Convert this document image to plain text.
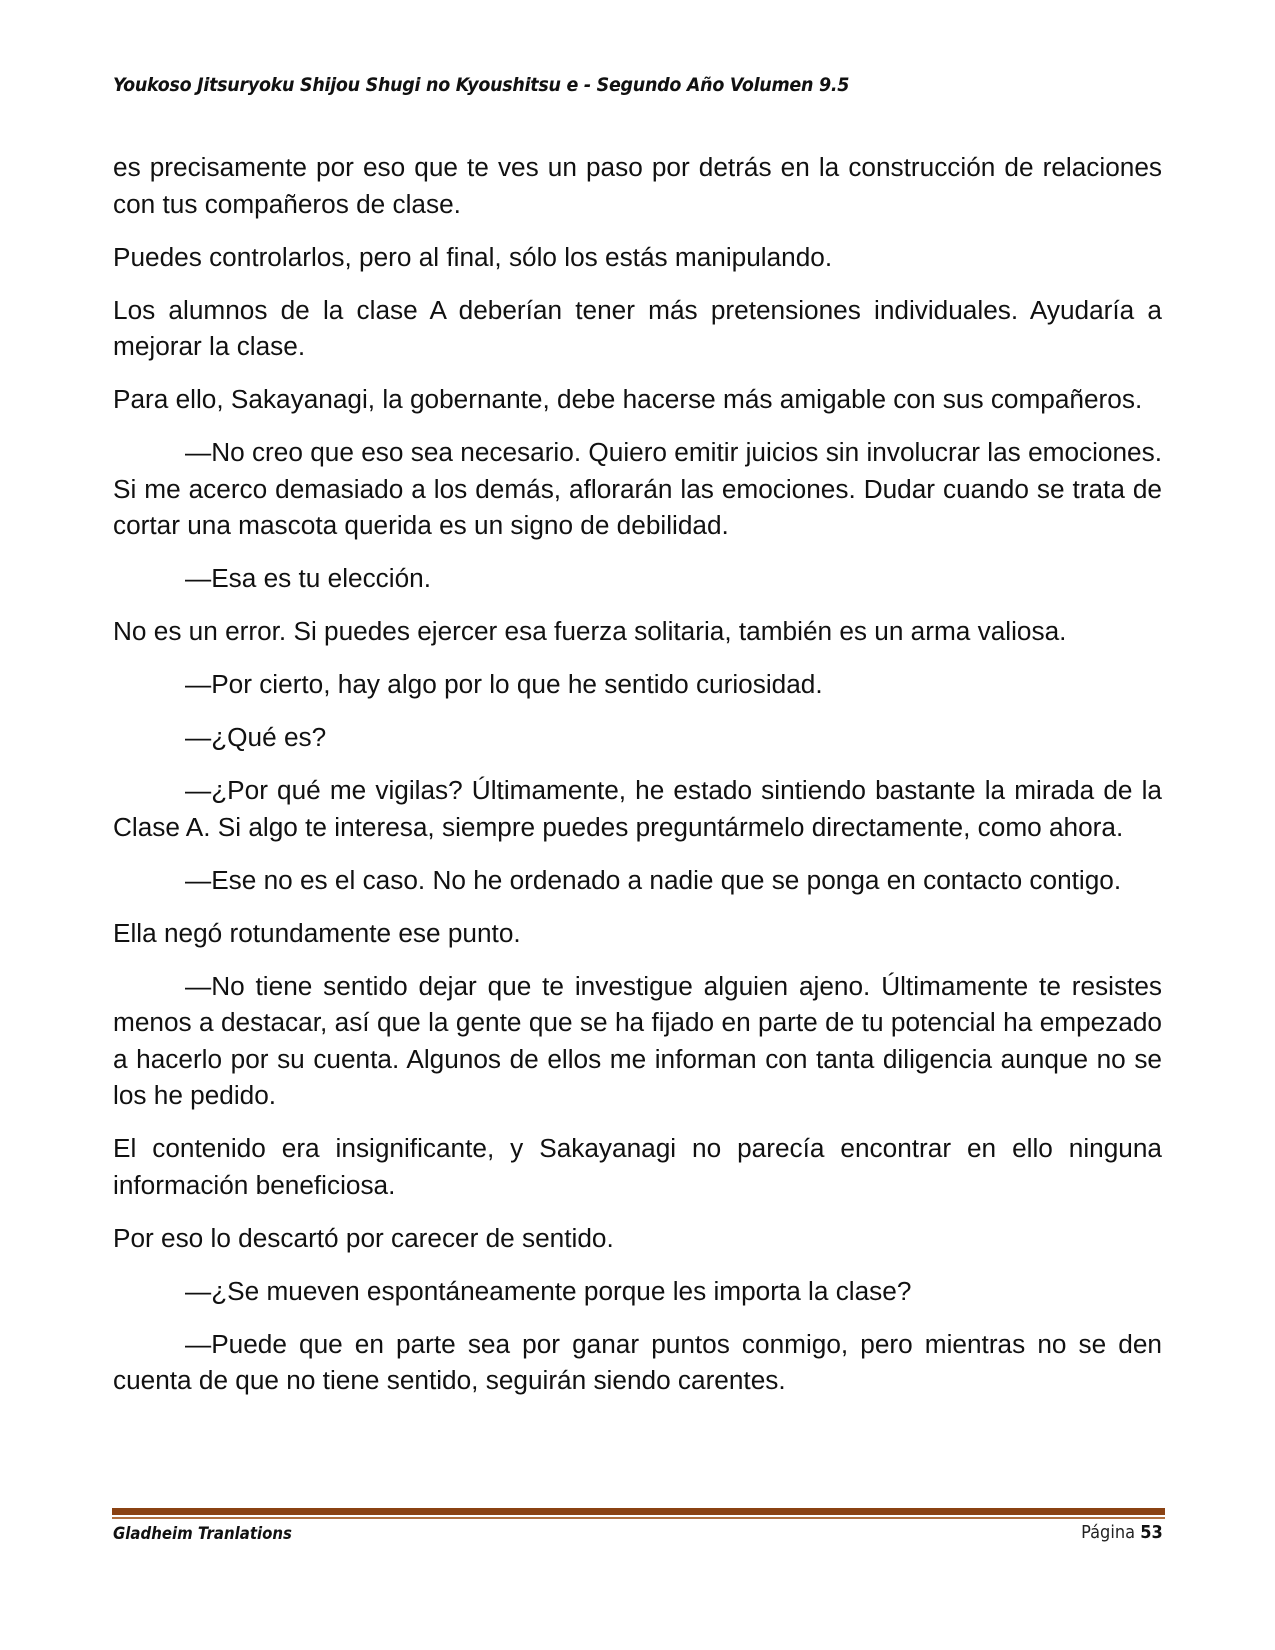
Youkoso Jitsuryoku Shijou Shugi no Kyoushitsu e - Segundo Año Volumen 9.5

es precisamente por eso que te ves un paso por detrás en la construcción de relaciones con tus compañeros de clase.

Puedes controlarlos, pero al final, sólo los estás manipulando.

Los alumnos de la clase A deberían tener más pretensiones individuales. Ayudaría a mejorar la clase.

Para ello, Sakayanagi, la gobernante, debe hacerse más amigable con sus compañeros.

—No creo que eso sea necesario. Quiero emitir juicios sin involucrar las emociones. Si me acerco demasiado a los demás, aflorarán las emociones. Dudar cuando se trata de cortar una mascota querida es un signo de debilidad.

—Esa es tu elección.

No es un error. Si puedes ejercer esa fuerza solitaria, también es un arma valiosa.

—Por cierto, hay algo por lo que he sentido curiosidad.

—¿Qué es?

—¿Por qué me vigilas? Últimamente, he estado sintiendo bastante la mirada de la Clase A. Si algo te interesa, siempre puedes preguntármelo directamente, como ahora.

—Ese no es el caso. No he ordenado a nadie que se ponga en contacto contigo.

Ella negó rotundamente ese punto.

—No tiene sentido dejar que te investigue alguien ajeno. Últimamente te resistes menos a destacar, así que la gente que se ha fijado en parte de tu potencial ha empezado a hacerlo por su cuenta. Algunos de ellos me informan con tanta diligencia aunque no se los he pedido.

El contenido era insignificante, y Sakayanagi no parecía encontrar en ello ninguna información beneficiosa.

Por eso lo descartó por carecer de sentido.

—¿Se mueven espontáneamente porque les importa la clase?

—Puede que en parte sea por ganar puntos conmigo, pero mientras no se den cuenta de que no tiene sentido, seguirán siendo carentes.

Gladheim Tranlations	Página 53
